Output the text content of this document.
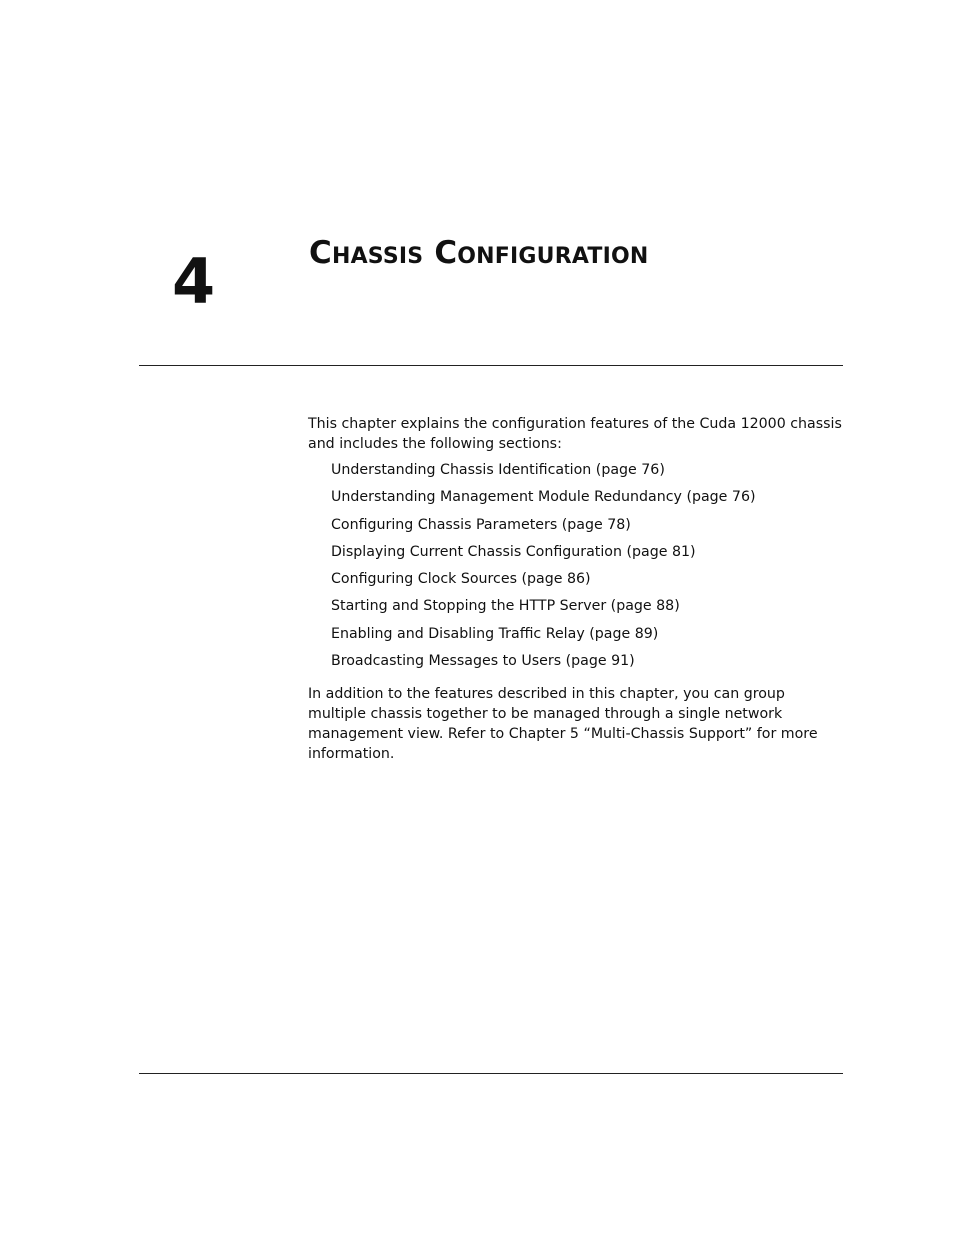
4	Chassis Configuration

This chapter explains the configuration features of the Cuda 12000 chassis and includes the following sections:

Understanding Chassis Identification (page 76)
Understanding Management Module Redundancy (page 76)
Configuring Chassis Parameters (page 78)
Displaying Current Chassis Configuration (page 81)
Configuring Clock Sources (page 86)
Starting and Stopping the HTTP Server (page 88)
Enabling and Disabling Traffic Relay (page 89)
Broadcasting Messages to Users (page 91)

In addition to the features described in this chapter, you can group multiple chassis together to be managed through a single network management view. Refer to Chapter 5 “Multi-Chassis Support” for more information.
